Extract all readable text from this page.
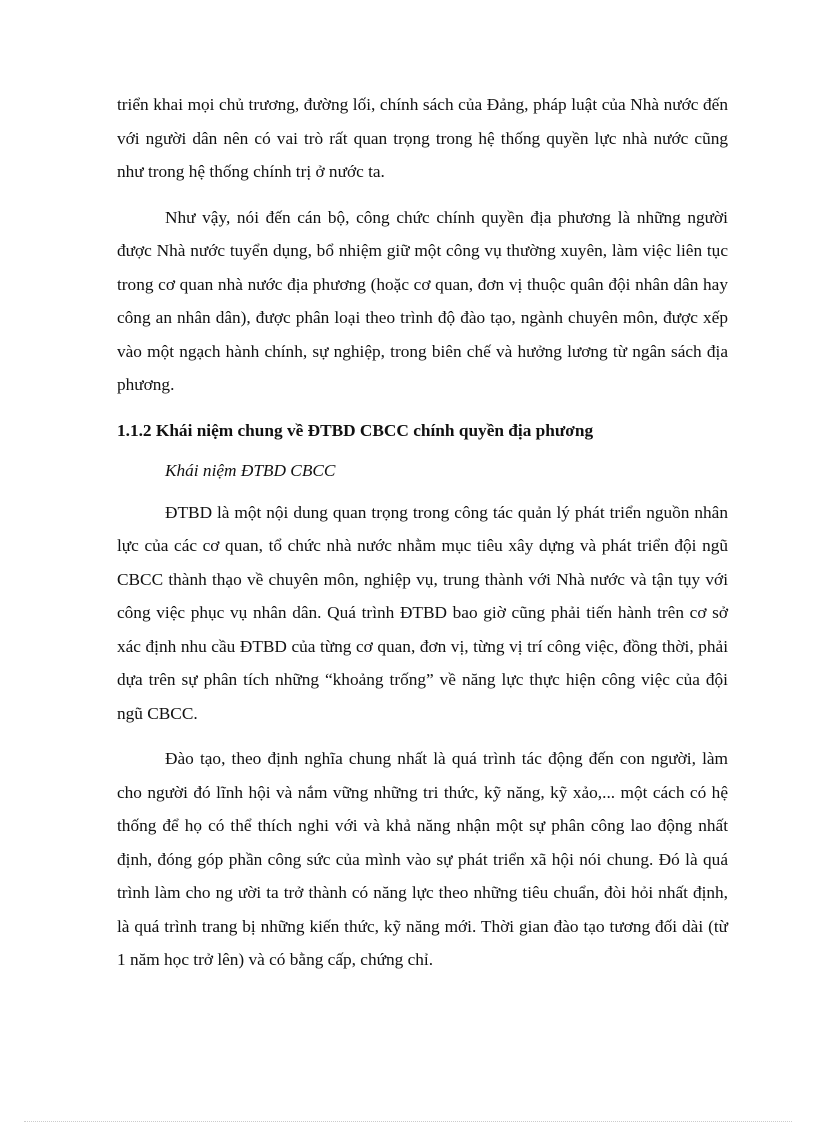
triển khai mọi chủ trương, đường lối, chính sách của Đảng, pháp luật của Nhà nước đến với người dân nên có vai trò rất quan trọng trong hệ thống quyền lực nhà nước cũng như trong hệ thống chính trị ở nước ta.

Như vậy, nói đến cán bộ, công chức chính quyền địa phương là những người được Nhà nước tuyển dụng, bổ nhiệm giữ một công vụ thường xuyên, làm việc liên tục trong cơ quan nhà nước địa phương (hoặc cơ quan, đơn vị thuộc quân đội nhân dân hay công an nhân dân), được phân loại theo trình độ đào tạo, ngành chuyên môn, được xếp vào một ngạch hành chính, sự nghiệp, trong biên chế và hưởng lương từ ngân sách địa phương.

1.1.2 Khái niệm chung về ĐTBD CBCC chính quyền địa phương
Khái niệm ĐTBD CBCC

ĐTBD là một nội dung quan trọng trong công tác quản lý phát triển nguồn nhân lực của các cơ quan, tổ chức nhà nước nhằm mục tiêu xây dựng và phát triển đội ngũ CBCC thành thạo về chuyên môn, nghiệp vụ, trung thành với Nhà nước và tận tụy với công việc phục vụ nhân dân. Quá trình ĐTBD bao giờ cũng phải tiến hành trên cơ sở xác định nhu cầu ĐTBD của từng cơ quan, đơn vị, từng vị trí công việc, đồng thời, phải dựa trên sự phân tích những “khoảng trống” về năng lực thực hiện công việc của đội ngũ CBCC.

Đào tạo, theo định nghĩa chung nhất là quá trình tác động đến con người, làm cho người đó lĩnh hội và nắm vững những tri thức, kỹ năng, kỹ xảo,... một cách có hệ thống để họ có thể thích nghi với và khả năng nhận một sự phân công lao động nhất định, đóng góp phần công sức của mình vào sự phát triển xã hội nói chung. Đó là quá trình làm cho ng ười ta trở thành có năng lực theo những tiêu chuẩn, đòi hỏi nhất định, là quá trình trang bị những kiến thức, kỹ năng mới. Thời gian đào tạo tương đối dài (từ 1 năm học trở lên) và có bằng cấp, chứng chỉ.
